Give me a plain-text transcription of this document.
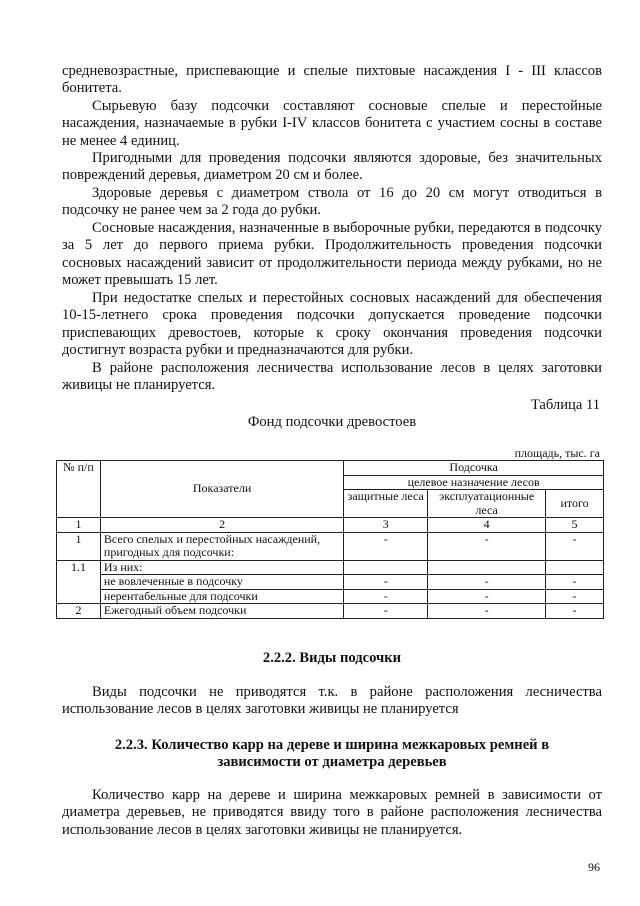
средневозрастные, приспевающие и спелые пихтовые насаждения I - III классов бонитета.

Сырьевую базу подсочки составляют сосновые спелые и перестойные насаждения, назначаемые в рубки I-IV классов бонитета с участием сосны в составе не менее 4 единиц.

Пригодными для проведения подсочки являются здоровые, без значительных повреждений деревья, диаметром 20 см и более.

Здоровые деревья с диаметром ствола от 16 до 20 см могут отводиться в подсочку не ранее чем за 2 года до рубки.

Сосновые насаждения, назначенные в выборочные рубки, передаются в подсочку за 5 лет до первого приема рубки. Продолжительность проведения подсочки сосновых насаждений зависит от продолжительности периода между рубками, но не может превышать 15 лет.

При недостатке спелых и перестойных сосновых насаждений для обеспечения 10-15-летнего срока проведения подсочки допускается проведение подсочки приспевающих древостоев, которые к сроку окончания проведения подсочки достигнут возраста рубки и предназначаются для рубки.

В районе расположения лесничества использование лесов в целях заготовки живицы не планируется.

Таблица 11
Фонд подсочки древостоев
площадь, тыс. га
№ п/п	Показатели	Подсочка		
		целевое назначение лесов		
		защитные леса	эксплуатационные леса	итого
1	2	3	4	5
1	Всего спелых и перестойных насаждений, пригодных для подсочки:	-	-	-
1.1	Из них:			
	не вовлеченные в подсочку	-	-	-
	нерентабельные для подсочки	-	-	-
2	Ежегодный объем подсочки	-	-	-
2.2.2. Виды подсочки

Виды подсочки не приводятся т.к. в районе расположения лесничества использование лесов в целях заготовки живицы не планируется

2.2.3. Количество карр на дереве и ширина межкаровых ремней в
зависимости от диаметра деревьев

Количество карр на дереве и ширина межкаровых ремней в зависимости от диаметра деревьев, не приводятся ввиду того в районе расположения лесничества использование лесов в целях заготовки живицы не планируется.

96
